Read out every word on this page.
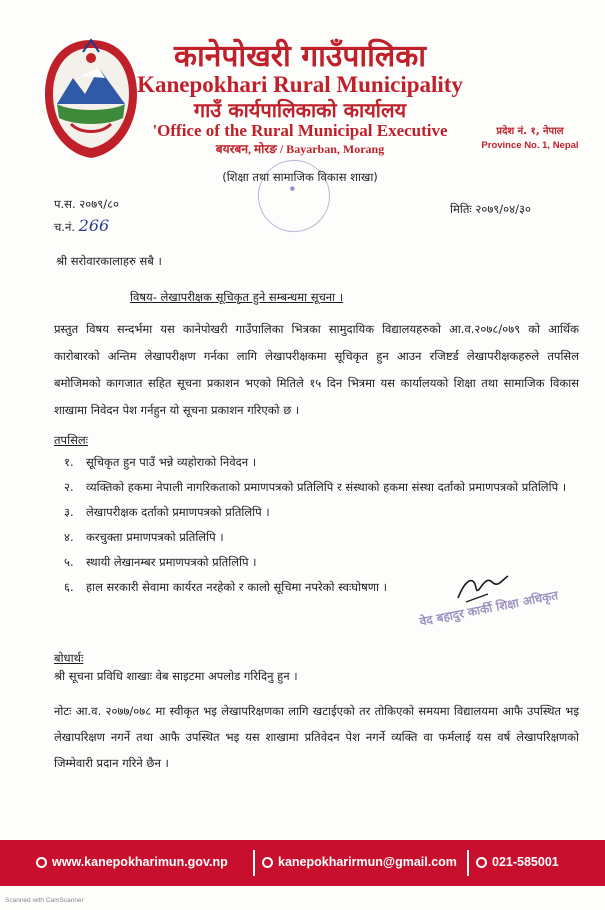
कानेपोखरी गाउँपालिका
Kanepokhari Rural Municipality
गाउँ कार्यपालिकाको कार्यालय
'Office of the Rural Municipal Executive
बयरबन, मोरङ / Bayarban, Morang
प्रदेश नं. १, नेपाल
Province No. 1, Nepal
(शिक्षा तथा सामाजिक विकास शाखा)
●
प.स. २०७९/८०
च.नं. 266
मितिः २०७९/०४/३०
श्री सरोवारकालाहरु सबै ।
विषय- लेखापरीक्षक सूचिकृत हुने सम्बन्धमा सूचना ।
प्रस्तुत विषय सन्दर्भमा यस कानेपोखरी गाउँपालिका भित्रका सामुदायिक विद्यालयहरुको आ.व.२०७८/०७९ को आर्थिक कारोबारको अन्तिम लेखापरीक्षण गर्नका लागि लेखापरीक्षकमा सूचिकृत हुन आउन रजिष्टर्ड लेखापरीक्षकहरुले तपसिल बमोजिमको कागजात सहित सूचना प्रकाशन भएको मितिले १५ दिन भित्रमा यस कार्यालयको शिक्षा तथा सामाजिक विकास शाखामा निवेदन पेश गर्नहुन यो सूचना प्रकाशन गरिएको छ ।
तपसिलः
१. सूचिकृत हुन पाउँ भन्ने व्यहोराको निवेदन ।
२. व्यक्तिको हकमा नेपाली नागरिकताको प्रमाणपत्रको प्रतिलिपि र संस्थाको हकमा संस्था दर्ताको प्रमाणपत्रको प्रतिलिपि ।
३. लेखापरीक्षक दर्ताको प्रमाणपत्रको प्रतिलिपि ।
४. करचुक्ता प्रमाणपत्रको प्रतिलिपि ।
५. स्थायी लेखानम्बर प्रमाणपत्रको प्रतिलिपि ।
६. हाल सरकारी सेवामा कार्यरत नरहेको र कालो सूचिमा नपरेको स्वःघोषणा ।
वेद बहादुर कार्की शिक्षा अधिकृत
बोधार्थः
श्री सूचना प्रविधि शाखाः वेब साइटमा अपलोड गरिदिनु हुन ।
नोटः आ.व. २०७७/०७८ मा स्वीकृत भइ लेखापरिक्षणका लागि खटाईएको तर तोकिएको समयमा विद्यालयमा आफै उपस्थित भइ लेखापरिक्षण नगर्ने तथा आफै उपस्थित भइ यस शाखामा प्रतिवेदन पेश नगर्ने व्यक्ति वा फर्मलाई यस वर्ष लेखापरिक्षणको जिम्मेवारी प्रदान गरिने छैन ।
www.kanepokharimun.gov.np	kanepokharirmun@gmail.com	021-585001
Scanned with CamScanner
